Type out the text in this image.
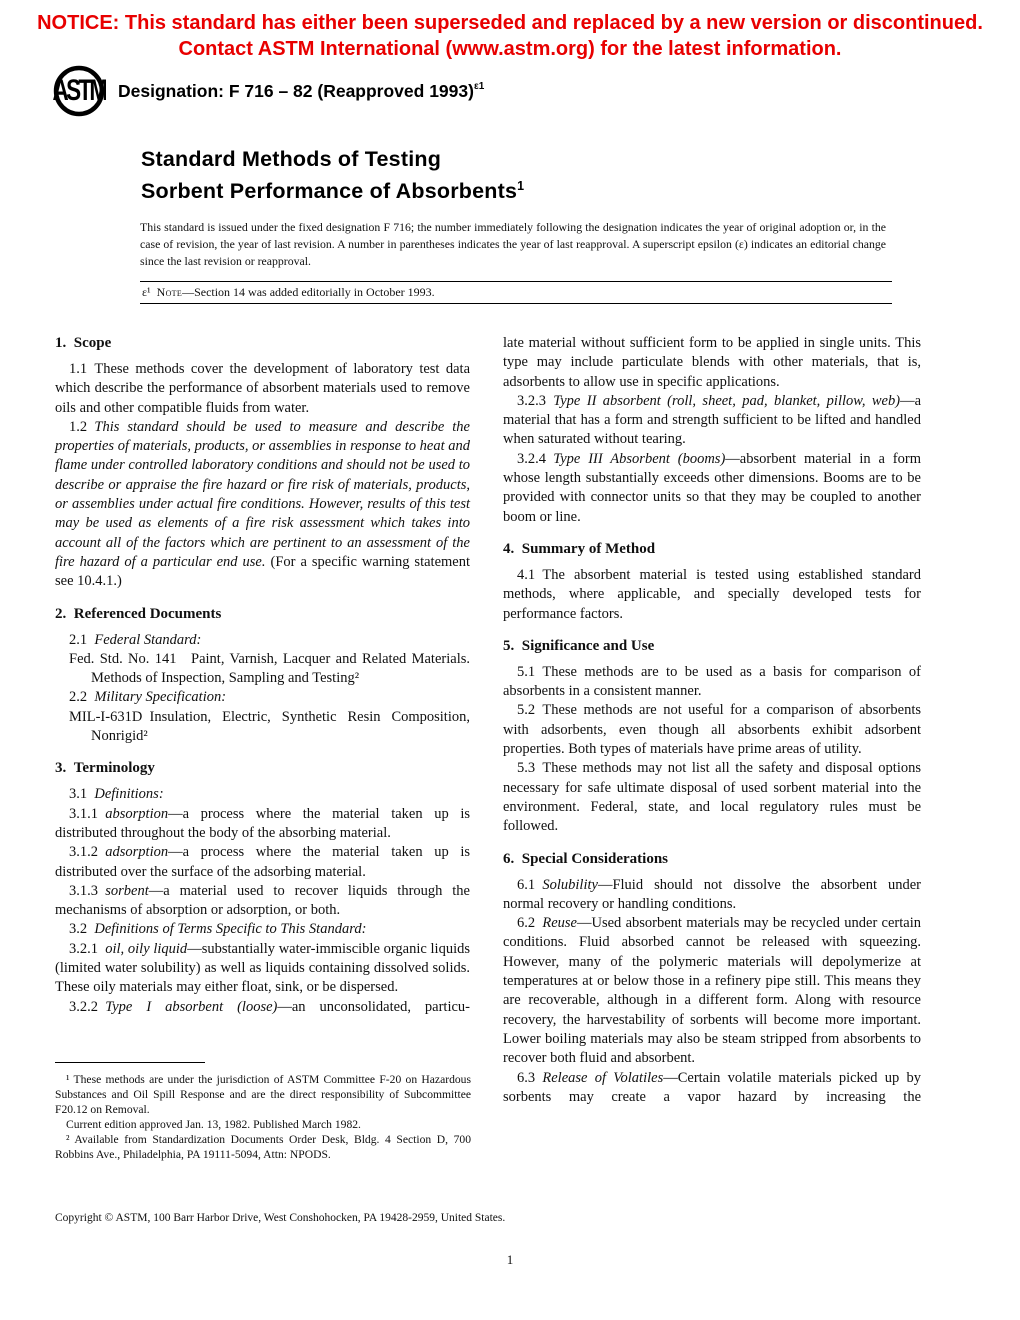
NOTICE: This standard has either been superseded and replaced by a new version or discontinued.
Contact ASTM International (www.astm.org) for the latest information.
ASTM Designation: F 716 – 82 (Reapproved 1993)$^{\varepsilon 1}$
Standard Methods of Testing
Sorbent Performance of Absorbents$^1$

This standard is issued under the fixed designation F 716; the number immediately following the designation indicates the year of original adoption or, in the case of revision, the year of last revision. A number in parentheses indicates the year of last reapproval. A superscript epsilon (ε) indicates an editorial change since the last revision or reapproval.

ε¹ Note—Section 14 was added editorially in October 1993.
1. Scope

1.1 These methods cover the development of laboratory test data which describe the performance of absorbent materials used to remove oils and other compatible fluids from water.

1.2 This standard should be used to measure and describe the properties of materials, products, or assemblies in response to heat and flame under controlled laboratory conditions and should not be used to describe or appraise the fire hazard or fire risk of materials, products, or assemblies under actual fire conditions. However, results of this test may be used as elements of a fire risk assessment which takes into account all of the factors which are pertinent to an assessment of the fire hazard of a particular end use. (For a specific warning statement see 10.4.1.)

2. Referenced Documents

2.1 Federal Standard:

Fed. Std. No. 141 Paint, Varnish, Lacquer and Related Materials. Methods of Inspection, Sampling and Testing²

2.2 Military Specification:

MIL-I-631D Insulation, Electric, Synthetic Resin Composition, Nonrigid²

3. Terminology

3.1 Definitions:

3.1.1 absorption—a process where the material taken up is distributed throughout the body of the absorbing material.

3.1.2 adsorption—a process where the material taken up is distributed over the surface of the adsorbing material.

3.1.3 sorbent—a material used to recover liquids through the mechanisms of absorption or adsorption, or both.

3.2 Definitions of Terms Specific to This Standard:

3.2.1 oil, oily liquid—substantially water-immiscible organic liquids (limited water solubility) as well as liquids containing dissolved solids. These oily materials may either float, sink, or be dispersed.

3.2.2 Type I absorbent (loose)—an unconsolidated, particu-

late material without sufficient form to be applied in single units. This type may include particulate blends with other materials, that is, adsorbents to allow use in specific applications.

3.2.3 Type II absorbent (roll, sheet, pad, blanket, pillow, web)—a material that has a form and strength sufficient to be lifted and handled when saturated without tearing.

3.2.4 Type III Absorbent (booms)—absorbent material in a form whose length substantially exceeds other dimensions. Booms are to be provided with connector units so that they may be coupled to another boom or line.

4. Summary of Method

4.1 The absorbent material is tested using established standard methods, where applicable, and specially developed tests for performance factors.

5. Significance and Use

5.1 These methods are to be used as a basis for comparison of absorbents in a consistent manner.

5.2 These methods are not useful for a comparison of absorbents with adsorbents, even though all absorbents exhibit adsorbent properties. Both types of materials have prime areas of utility.

5.3 These methods may not list all the safety and disposal options necessary for safe ultimate disposal of used sorbent material into the environment. Federal, state, and local regulatory rules must be followed.

6. Special Considerations

6.1 Solubility—Fluid should not dissolve the absorbent under normal recovery or handling conditions.

6.2 Reuse—Used absorbent materials may be recycled under certain conditions. Fluid absorbed cannot be released with squeezing. However, many of the polymeric materials will depolymerize at temperatures at or below those in a refinery pipe still. This means they are recoverable, although in a different form. Along with resource recovery, the harvestability of sorbents will become more important. Lower boiling materials may also be steam stripped from absorbents to recover both fluid and absorbent.

6.3 Release of Volatiles—Certain volatile materials picked up by sorbents may create a vapor hazard by increasing the

¹ These methods are under the jurisdiction of ASTM Committee F-20 on Hazardous Substances and Oil Spill Response and are the direct responsibility of Subcommittee F20.12 on Removal.

Current edition approved Jan. 13, 1982. Published March 1982.

² Available from Standardization Documents Order Desk, Bldg. 4 Section D, 700 Robbins Ave., Philadelphia, PA 19111-5094, Attn: NPODS.

Copyright © ASTM, 100 Barr Harbor Drive, West Conshohocken, PA 19428-2959, United States.

1
